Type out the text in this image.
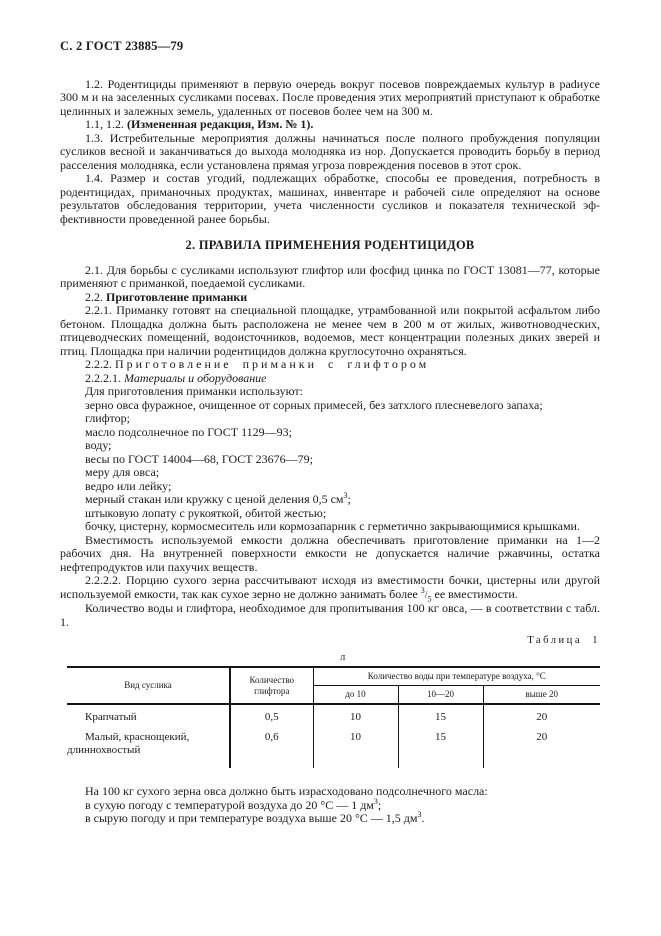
С. 2 ГОСТ 23885—79

1.2. Родентициды применяют в первую очередь вокруг посевов повреждаемых культур в раdиусе 300 м и на заселенных сусликами посевах. После проведения этих мероприятий приступают к обработке целинных и залежных земель, удаленных от посевов более чем на 300 м.

1.1, 1.2. (Измененная редакция, Изм. № 1).

1.3. Истребительные мероприятия должны начинаться после полного пробуждения популяции сусликов весной и заканчиваться до выхода молодняка из нор. Допускается проводить борьбу в период расселения молодняка, если установлена прямая угроза повреждения посевов в этот срок.

1.4. Размер и состав угодий, подлежащих обработке, способы ее проведения, потребность в родентицидах, приманочных продуктах, машинах, инвентаре и рабочей силе определяют на основе результатов обследования территории, учета численности сусликов и показателя технической эффективности проведенной ранее борьбы.

2. ПРАВИЛА ПРИМЕНЕНИЯ РОДЕНТИЦИДОВ

2.1. Для борьбы с сусликами используют глифтор или фосфид цинка по ГОСТ 13081—77, которые применяют с приманкой, поедаемой сусликами.

2.2. Приготовление приманки

2.2.1. Приманку готовят на специальной площадке, утрамбованной или покрытой асфальтом либо бетоном. Площадка должна быть расположена не менее чем в 200 м от жилых, животноводческих, птицеводческих помещений, водоисточников, водоемов, мест концентрации полезных диких зверей и птиц. Площадка при наличии родентицидов должна круглосуточно охраняться.

2.2.2. Приготовление приманки с глифтором

2.2.2.1. Материалы и оборудование

Для приготовления приманки используют:

зерно овса фуражное, очищенное от сорных примесей, без затхлого плесневелого запаха;

глифтор;

масло подсолнечное по ГОСТ 1129—93;

воду;

весы по ГОСТ 14004—68, ГОСТ 23676—79;

меру для овса;

ведро или лейку;

мерный стакан или кружку с ценой деления 0,5 $см^3$;

штыковую лопату с рукояткой, обитой жестью;

бочку, цистерну, кормосмеситель или кормозапарник с герметично закрывающимися крышками.

Вместимость используемой емкости должна обеспечивать приготовление приманки на 1—2 рабочих дня. На внутренней поверхности емкости не допускается наличие ржавчины, остатка нефтепродуктов или пахучих веществ.

2.2.2.2. Порцию сухого зерна рассчитывают исходя из вместимости бочки, цистерны или другой используемой емкости, так как сухое зерно не должно занимать более $^3/_5$ ее вместимости.

Количество воды и глифтора, необходимое для пропитывания 100 кг овса, — в соответствии с табл. 1.

Таблица 1

л

Вид суслика	Количество глифтора	Количество воды при температуре воздуха, °С		
		до 10	10—20	выше 20
Крапчатый	0,5	10	15	20
Малый, краснощекий, длиннохвостый	0,6	10	15	20

На 100 кг сухого зерна овса должно быть израсходовано подсолнечного масла:

в сухую погоду с температурой воздуха до 20 °С — 1 $дм^3$;

в сырую погоду и при температуре воздуха выше 20 °С — 1,5 $дм^3$.
